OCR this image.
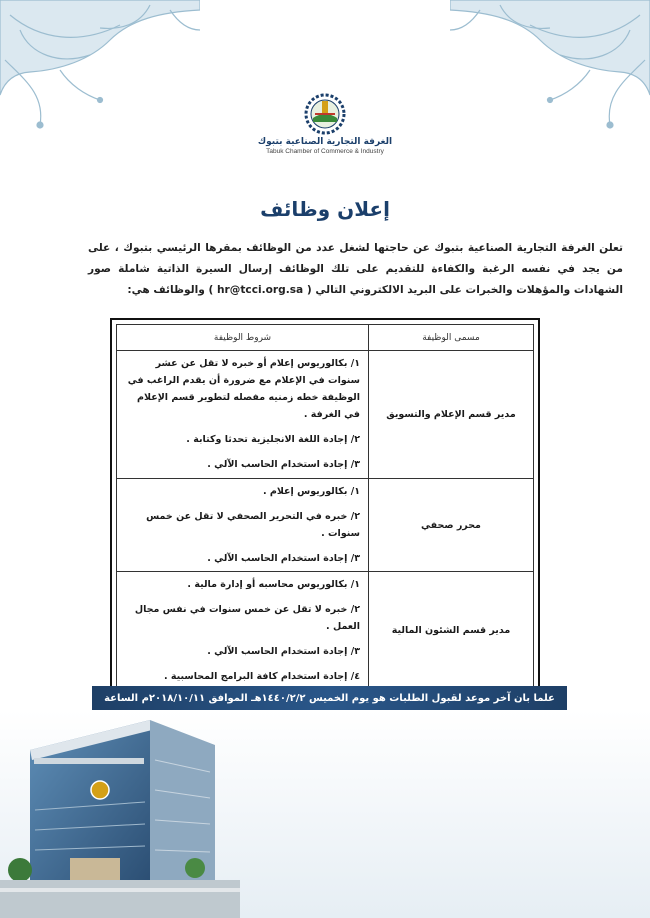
الغرفة التجارية الصناعية بتبوك
Tabuk Chamber of Commerce & Industry
إعلان وظائف

تعلن الغرفة التجارية الصناعية بتبوك عن حاجتها لشغل عدد من الوظائف بمقرها الرئيسي بتبوك ، على من يجد في نفسه الرغبة والكفاءة للتقديم على تلك الوظائف إرسال السيرة الذاتية شاملة صور الشهادات والمؤهلات والخبرات على البريد الالكتروني التالي ( hr@tcci.org.sa ) والوظائف هي:

مسمى الوظيفة	شروط الوظيفة
مدير قسم الإعلام والتسويق	١/ بكالوريوس إعلام أو خبره لا تقل عن عشر سنوات في الإعلام مع ضرورة أن يقدم الراغب في الوظيفة خطه زمنيه مفصله لتطوير قسم الإعلام في الغرفة .
٢/ إجادة اللغة الانجليزية تحدثا وكتابة .
٣/ إجادة استخدام الحاسب الآلي .

محرر صحفي	١/ بكالوريوس إعلام .
٢/ خبره في التحرير الصحفي لا تقل عن خمس سنوات .
٣/ إجادة استخدام الحاسب الآلي .

مدير قسم الشئون المالية	١/ بكالوريوس محاسبه أو إدارة مالية .
٢/ خبره لا تقل عن خمس سنوات في نفس مجال العمل .
٣/ إجادة استخدام الحاسب الآلي .
٤/ إجادة استخدام كافة البرامج المحاسبية .
علما بان آخر موعد لقبول الطلبات هو يوم الخميس ١٤٤٠/٢/٢هـ الموافق ٢٠١٨/١٠/١١م الساعة
